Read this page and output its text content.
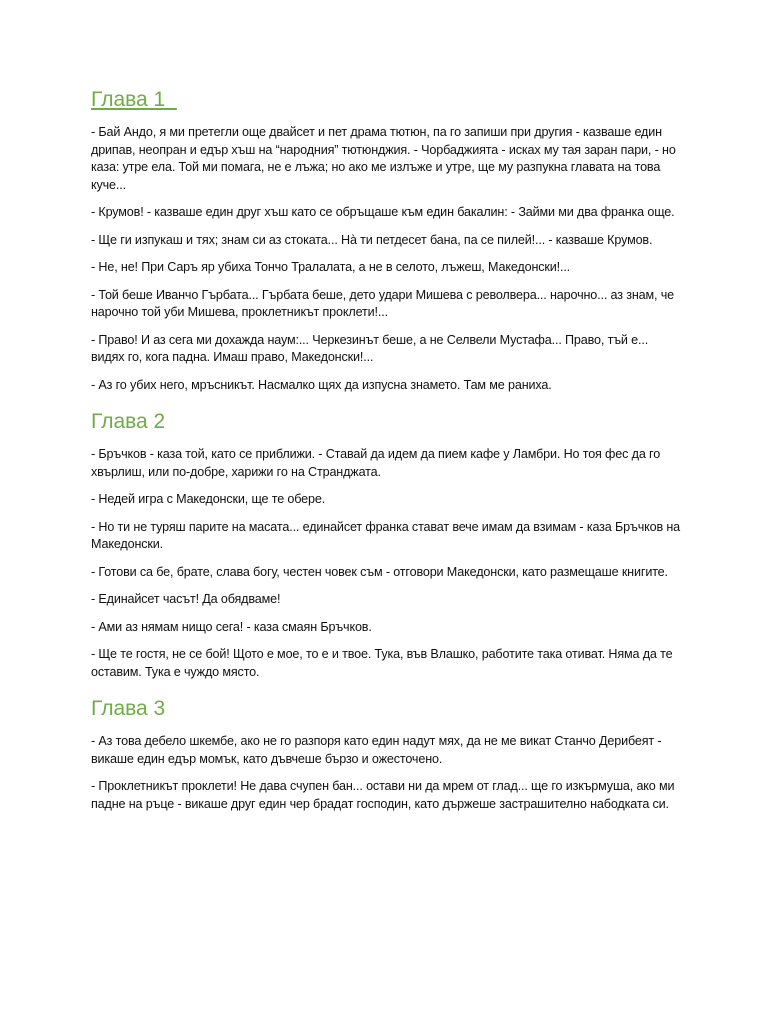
Глава 1

- Бай Андо, я ми претегли още двайсет и пет драма тютюн, па го запиши при другия - казваше един дрипав, неопран и едър хъш на “народния” тютюнджия. - Чорбаджията - исках му тая заран пари, - но каза: утре ела. Той ми помага, не е лъжа; но ако ме излъже и утре, ще му разпукна главата на това куче...

- Крумов! - казваше един друг хъш като се обръщаше към един бакалин: - Займи ми два франка още.

- Ще ги изпукаш и тях; знам си аз стоката... Нà ти петдесет бана, па се пилей!... - казваше Крумов.

- Не, не! При Саръ яр убиха Тончо Тралалата, а не в селото, лъжеш, Македонски!...

- Той беше Иванчо Гърбата... Гърбата беше, дето удари Мишева с револвера... нарочно... аз знам, че нарочно той уби Мишева, проклетникът проклети!...

- Право! И аз сега ми дохажда наум:... Черкезинът беше, а не Селвели Мустафа... Право, тъй е... видях го, кога падна. Имаш право, Македонски!...

- Аз го убих него, мръсникът. Насмалко щях да изпусна знамето. Там ме раниха.

Глава 2

- Бръчков - каза той, като се приближи. - Ставай да идем да пием кафе у Ламбри. Но тоя фес да го хвърлиш, или по-добре, харижи го на Странджата.

- Недей игра с Македонски, ще те обере.

- Но ти не туряш парите на масата... единайсет франка стават вече имам да взимам - каза Бръчков на Македонски.

- Готови са бе, брате, слава богу, честен човек съм - отговори Македонски, като размещаше книгите.

- Единайсет часът! Да обядваме!

- Ами аз нямам нищо сега! - каза смаян Бръчков.

- Ще те гостя, не се бой! Щото е мое, то е и твое. Тука, във Влашко, работите така отиват. Няма да те оставим. Тука е чуждо място.

Глава 3

- Аз това дебело шкембе, ако не го разпоря като един надут мях, да не ме викат Станчо Дерибеят - викаше един едър момък, като дъвчеше бързо и ожесточено.

- Проклетникът проклети! Не дава счупен бан... остави ни да мрем от глад... ще го изкърмуша, ако ми падне на ръце - викаше друг един чер брадат господин, като държеше застрашително набодката си.
